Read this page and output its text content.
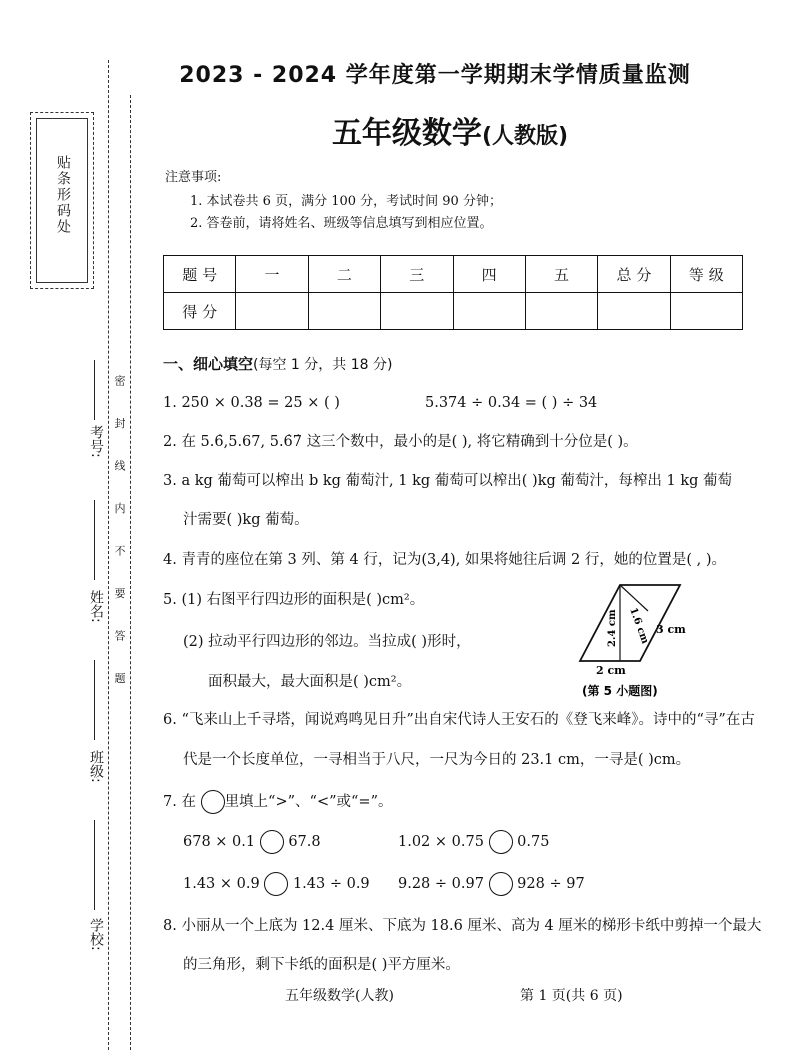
贴条形码处
密 封 线 内 不 要 答 题
考号:
姓名:
班级:
学校:
2023 - 2024 学年度第一学期期末学情质量监测
五年级数学(人教版)
注意事项:
1. 本试卷共 6 页，满分 100 分，考试时间 90 分钟；
2. 答卷前，请将姓名、班级等信息填写到相应位置。
题 号	一	二	三	四	五	总 分	等 级
得 分							
一、细心填空(每空 1 分，共 18 分)
1. 250 × 0.38 = 25 × ( )	5.374 ÷ 0.34 = ( ) ÷ 34
2. 在 5.6̇,5.67, 5.6̇7̇ 这三个数中，最小的是( ), 将它精确到十分位是( )。
3. a kg 葡萄可以榨出 b kg 葡萄汁, 1 kg 葡萄可以榨出( )kg 葡萄汁，每榨出 1 kg 葡萄
汁需要( )kg 葡萄。
4. 青青的座位在第 3 列、第 4 行，记为(3,4), 如果将她往后调 2 行，她的位置是( , )。
5. (1) 右图平行四边形的面积是( )cm²。
(2) 拉动平行四边形的邻边。当拉成( )形时，
面积最大，最大面积是( )cm²。
1.6 cm
2.4 cm	3 cm
2 cm
(第 5 小题图)
6. “飞来山上千寻塔，闻说鸡鸣见日升”出自宋代诗人王安石的《登飞来峰》。诗中的“寻”在古
代是一个长度单位，一寻相当于八尺，一尺为今日的 23.1 cm，一寻是( )cm。
7. 在 里填上“>”、“<”或“=”。
678 × 0.1 67.8	1.02 × 0.75 0.75
1.43 × 0.9 1.43 ÷ 0.9 9.28 ÷ 0.97 928 ÷ 97
8. 小丽从一个上底为 12.4 厘米、下底为 18.6 厘米、高为 4 厘米的梯形卡纸中剪掉一个最大
的三角形，剩下卡纸的面积是( )平方厘米。
五年级数学(人教)	第 1 页(共 6 页)
